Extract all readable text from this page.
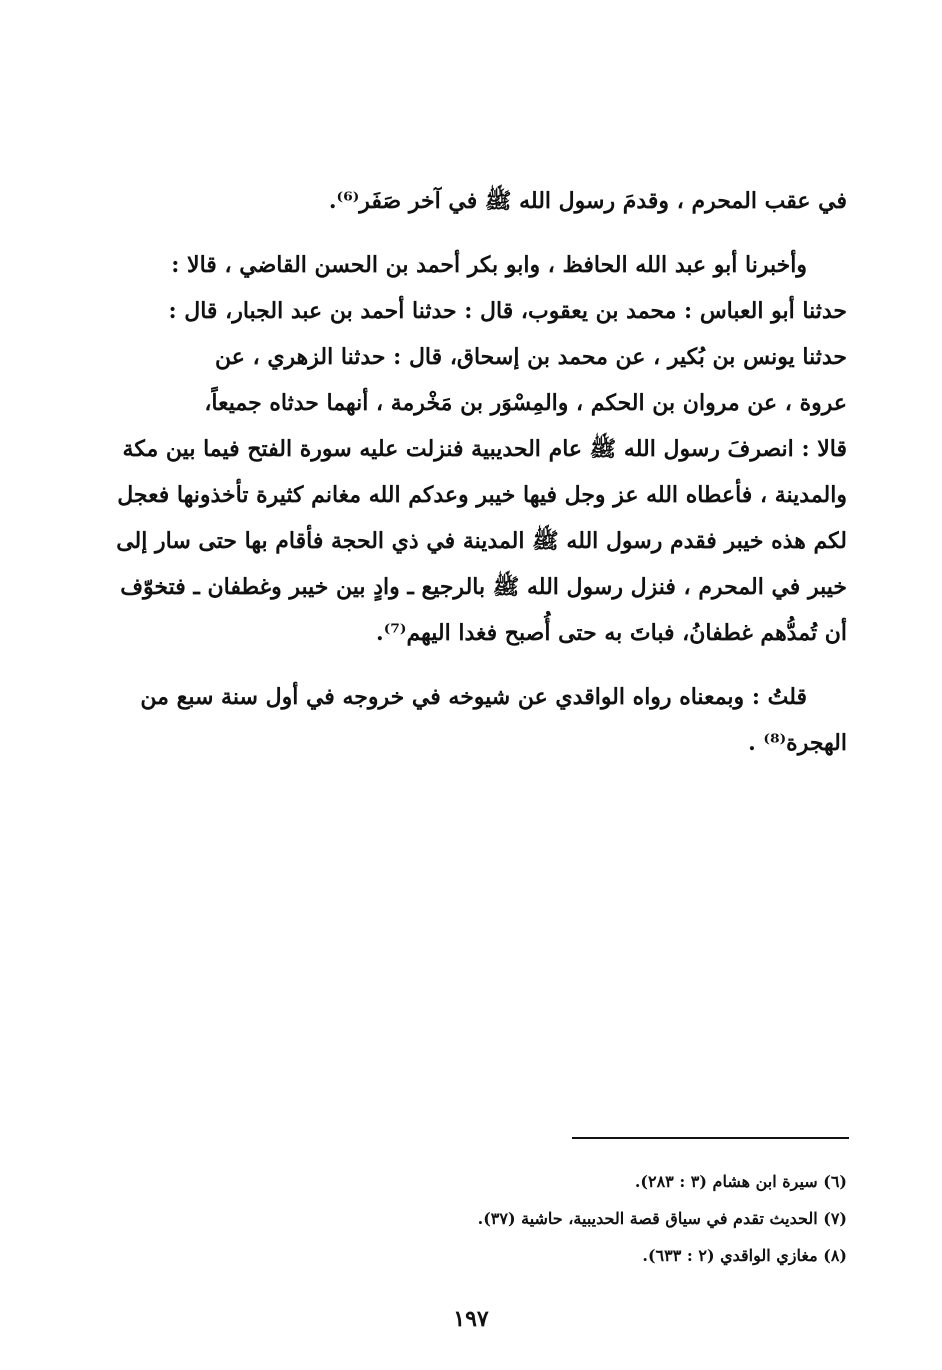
في عقب المحرم ، وقدمَ رسول الله ﷺ في آخر صَفَر⁽⁶⁾.

وأخبرنا أبو عبد الله الحافظ ، وابو بكر أحمد بن الحسن القاضي ، قالا :
حدثنا أبو العباس : محمد بن يعقوب، قال : حدثنا أحمد بن عبد الجبار، قال :
حدثنا يونس بن بُكير ، عن محمد بن إسحاق، قال : حدثنا الزهري ، عن
عروة ، عن مروان بن الحكم ، والمِسْوَر بن مَخْرمة ، أنهما حدثاه جميعاً،
قالا : انصرفَ رسول الله ﷺ عام الحديبية فنزلت عليه سورة الفتح فيما بين مكة
والمدينة ، فأعطاه الله عز وجل فيها خيبر وعدكم الله مغانم كثيرة تأخذونها فعجل
لكم هذه خيبر فقدم رسول الله ﷺ المدينة في ذي الحجة فأقام بها حتى سار إلى
خيبر في المحرم ، فنزل رسول الله ﷺ بالرجيع ـ وادٍ بين خيبر وغطفان ـ فتخوّف
أن تُمدُّهم غطفانُ، فباتَ به حتى أُصبح فغدا اليهم⁽⁷⁾.

قلتُ : وبمعناه رواه الواقدي عن شيوخه في خروجه في أول سنة سبع من
الهجرة⁽⁸⁾ .

(٦) سيرة ابن هشام (٣ : ٢٨٣).
(٧) الحديث تقدم في سياق قصة الحديبية، حاشية (٣٧).
(٨) مغازي الواقدي (٢ : ٦٣٣).
١٩٧
